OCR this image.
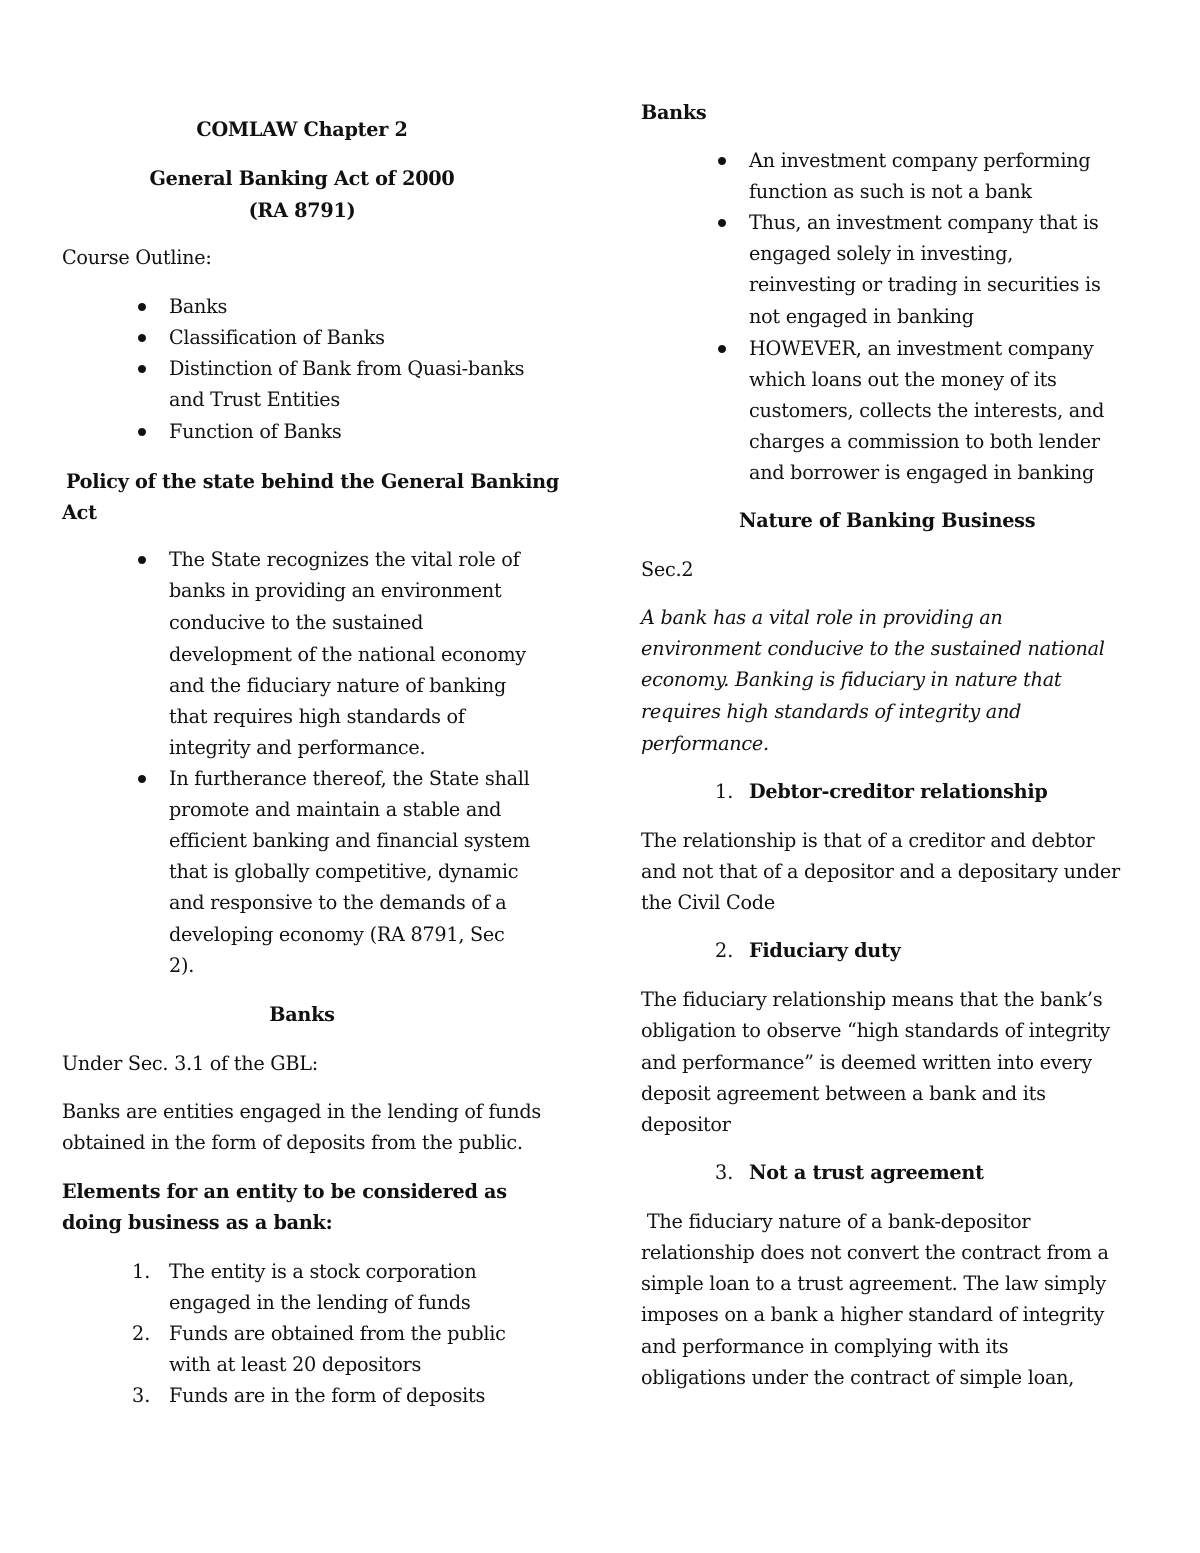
COMLAW Chapter 2

General Banking Act of 2000

(RA 8791)

Course Outline:

Banks

Classification of Banks

Distinction of Bank from Quasi-banks

and Trust Entities

Function of Banks

Policy of the state behind the General Banking

Act

The State recognizes the vital role of

banks in providing an environment

conducive to the sustained

development of the national economy

and the fiduciary nature of banking

that requires high standards of

integrity and performance.

In furtherance thereof, the State shall

promote and maintain a stable and

efficient banking and financial system

that is globally competitive, dynamic

and responsive to the demands of a

developing economy (RA 8791, Sec

2).

Banks

Under Sec. 3.1 of the GBL:

Banks are entities engaged in the lending of funds

obtained in the form of deposits from the public.

Elements for an entity to be considered as

doing business as a bank:

1. The entity is a stock corporation

engaged in the lending of funds

2. Funds are obtained from the public

with at least 20 depositors

3. Funds are in the form of deposits

Banks

An investment company performing

function as such is not a bank

Thus, an investment company that is

engaged solely in investing,

reinvesting or trading in securities is

not engaged in banking

HOWEVER, an investment company

which loans out the money of its

customers, collects the interests, and

charges a commission to both lender

and borrower is engaged in banking

Nature of Banking Business

Sec.2

A bank has a vital role in providing an

environment conducive to the sustained national

economy. Banking is fiduciary in nature that

requires high standards of integrity and

performance.

1. Debtor-creditor relationship

The relationship is that of a creditor and debtor

and not that of a depositor and a depositary under

the Civil Code

2. Fiduciary duty

The fiduciary relationship means that the bank’s

obligation to observe “high standards of integrity

and performance” is deemed written into every

deposit agreement between a bank and its

depositor

3. Not a trust agreement

The fiduciary nature of a bank-depositor

relationship does not convert the contract from a

simple loan to a trust agreement. The law simply

imposes on a bank a higher standard of integrity

and performance in complying with its

obligations under the contract of simple loan,
